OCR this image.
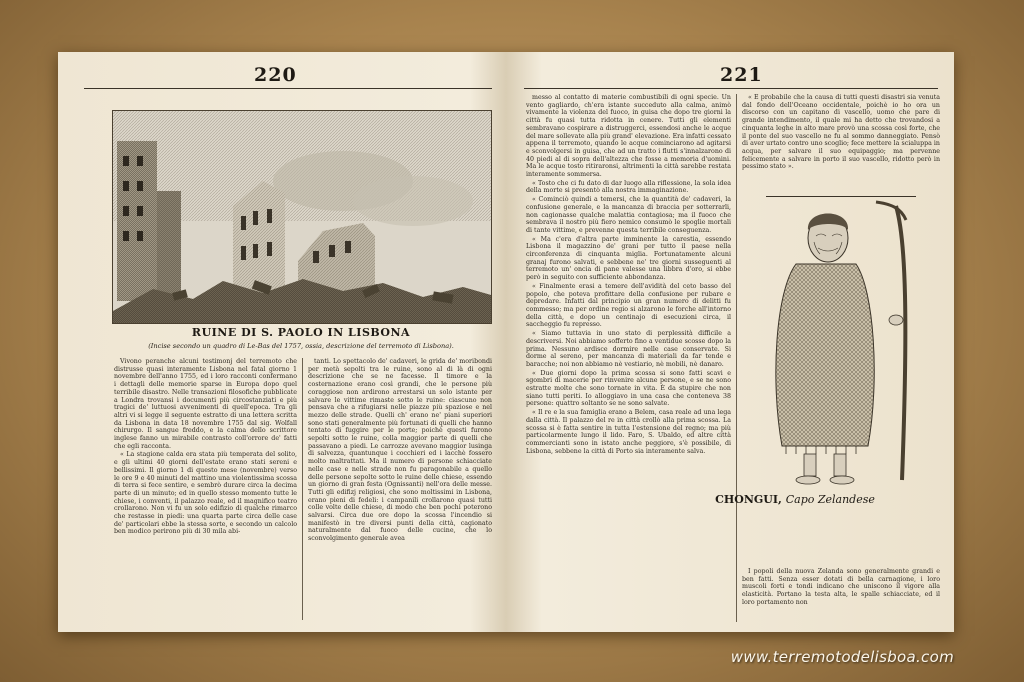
220
RUINE DI S. PAOLO IN LISBONA
(Incise secondo un quadro di Le-Bas del 1757, ossia, descrizione del terremoto di Lisbona).

Vivono peranche alcuni testimonj del terremoto che distrusse quasi interamente Lisbona nel fatal giorno 1 novembre dell'anno 1755, ed i loro racconti confermano i dettagli delle memorie sparse in Europa dopo quel terribile disastro. Nelle transazioni filosofiche pubblicate a Londra trovansi i documenti più circostanziati e più tragici de' luttuosi avvenimenti di quell'epoca. Tra gli altri vi si legge il seguente estratto di una lettera scritta da Lisbona in data 18 novembre 1755 dal sig. Wolfall chirurgo. Il sangue freddo, e la calma dello scrittore inglese fanno un mirabile contrasto coll'orrore de' fatti che egli racconta.

« La stagione calda era stata più temperata del solito, e gli ultimi 40 giorni dell'estate erano stati sereni e bellissimi. Il giorno 1 di questo mese (novembre) verso le ore 9 e 40 minuti del mattino una violentissima scossa di terra si fece sentire, e sembrò durare circa la decima parte di un minuto; ed in quello stesso momento tutte le chiese, i conventi, il palazzo reale, ed il magnifico teatro crollarono. Non vi fu un solo edifizio di qualche rimarco che restasse in piedi: una quarta parte circa delle case de' particolari ebbe la stessa sorte, e secondo un calcolo ben modico perirono più di 30 mila abi-

tanti. Lo spettacolo de' cadaveri, le grida de' moribondi per metà sepolti tra le ruine, sono al di là di ogni descrizione che se ne facesse. Il timore e la costernazione erano così grandi, che le persone più coraggiose non ardirono arrestarsi un solo istante per salvare le vittime rimaste sotto le ruine: ciascuno non pensava che a rifugiarsi nelle piazze più spaziose e nel mezzo delle strade. Quelli ch' erano ne' piani superiori sono stati generalmente più fortunati di quelli che hanno tentato di fuggire per le porte; poichè questi furono sepolti sotto le ruine, colla maggior parte di quelli che passavano a piedi. Le carrozze avevano maggior lusinga di salvezza, quantunque i cocchieri ed i lacchè fossero molto maltrattati. Ma il numero di persone schiacciate nelle case e nelle strade non fu paragonabile a quello delle persone sepolte sotto le ruine delle chiese, essendo un giorno di gran festa (Ognissanti) nell'ora delle messe. Tutti gli edifizj religiosi, che sono moltissimi in Lisbona, erano pieni di fedeli: i campanili crollarono quasi tutti colle volte delle chiese, di modo che ben pochi poterono salvarsi. Circa due ore dopo la scossa l'incendio si manifestò in tre diversi punti della città, cagionato naturalmente dal fuoco delle cucine, che lo sconvolgimento generale avea

221

messo al contatto di materie combustibili di ogni specie. Un vento gagliardo, ch'era istante succeduto alla calma, animò vivamente la violenza del fuoco, in guisa che dopo tre giorni la città fu quasi tutta ridotta in cenere. Tutti gli elementi sembravano cospirare a distruggerci, essendosi anche le acque del mare sollevate alla più grand' elevazione. Era infatti cessato appena il terremoto, quando le acque cominciarono ad agitarsi e sconvolgersi in guisa, che ad un tratto i flutti s'innalzarono di 40 piedi al di sopra dell'altezza che fosse a memoria d'uomini. Ma le acque tosto ritiraronsi, altrimenti la città sarebbe restata interamente sommersa.

« Tosto che ci fu dato di dar luogo alla riflessione, la sola idea della morte si presentò alla nostra immaginazione.

« Cominciò quindi a temersi, che la quantità de' cadaveri, la confusione generale, e la mancanza di braccia per sotterrarli, non cagionasse qualche malattia contagiosa; ma il fuoco che sembrava il nostro più fiero nemico consumò le spoglie mortali di tante vittime, e prevenne questa terribile conseguenza.

« Ma c'era d'altra parte imminente la carestia, essendo Lisbona il magazzino de' grani per tutto il paese nella circonferenza di cinquanta miglia. Fortunatamente alcuni granaj furono salvati, e sebbene ne' tre giorni susseguenti al terremoto un' oncia di pane valesse una libbra d'oro, si ebbe però in seguito con sufficiente abbondanza.

« Finalmente erasi a temere dell'avidità del ceto basso del popolo, che poteva profittare della confusione per rubare e depredare. Infatti dal principio un gran numero di delitti fu commesso; ma per ordine regio si alzarono le forche all'intorno della città, e dopo un centinajo di esecuzioni circa, il saccheggio fu represso.

« Siamo tuttavia in uno stato di perplessità difficile a descriversi. Noi abbiamo sofferto fino a ventidue scosse dopo la prima. Nessuno ardisce dormire nelle case conservate. Si dorme al sereno, per mancanza di materiali da far tende e baracche; noi non abbiamo nè vestiario, nè mobili, nè danaro.

« Due giorni dopo la prima scossa si sono fatti scavi e sgombri di macerie per rinvenire alcune persone, e se ne sono estratte molte che sono tornate in vita. È da stupire che non siano tutti periti. Io alloggiavo in una casa che conteneva 38 persone: quattro soltanto se ne sono salvate.

« Il re e la sua famiglia erano a Belem, casa reale ad una lega dalla città. Il palazzo del re in città crollò alla prima scossa. La scossa si è fatta sentire in tutta l'estensione del regno; ma più particolarmente lungo il lido. Faro, S. Ubaldo, ed altre città commercianti sono in istato anche peggiore, s'è possibile, di Lisbona, sebbene la città di Porto sia interamente salva.

« È probabile che la causa di tutti questi disastri sia venuta dal fondo dell'Oceano occidentale, poichè io ho ora un discorso con un capitano di vascello, uomo che pare di grande intendimento, il quale mi ha detto che trovandosi a cinquanta leghe in alto mare provò una scossa così forte, che il ponte del suo vascello ne fu al sommo danneggiato. Pensò di aver urtato contro uno scoglio; fece mettere la scialuppa in acqua, per salvare il suo equipaggio; ma pervenne felicemente a salvare in porto il suo vascello, ridotto però in pessimo stato ».

I popoli della nuova Zelanda sono generalmente grandi e ben fatti. Senza esser dotati di bella carnagione, i loro muscoli forti e tondi indicano che uniscono il vigore alla elasticità. Portano la testa alta, le spalle schiacciate, ed il loro portamento non

CHONGUI, Capo Zelandese
www.terremotodelisboa.com
